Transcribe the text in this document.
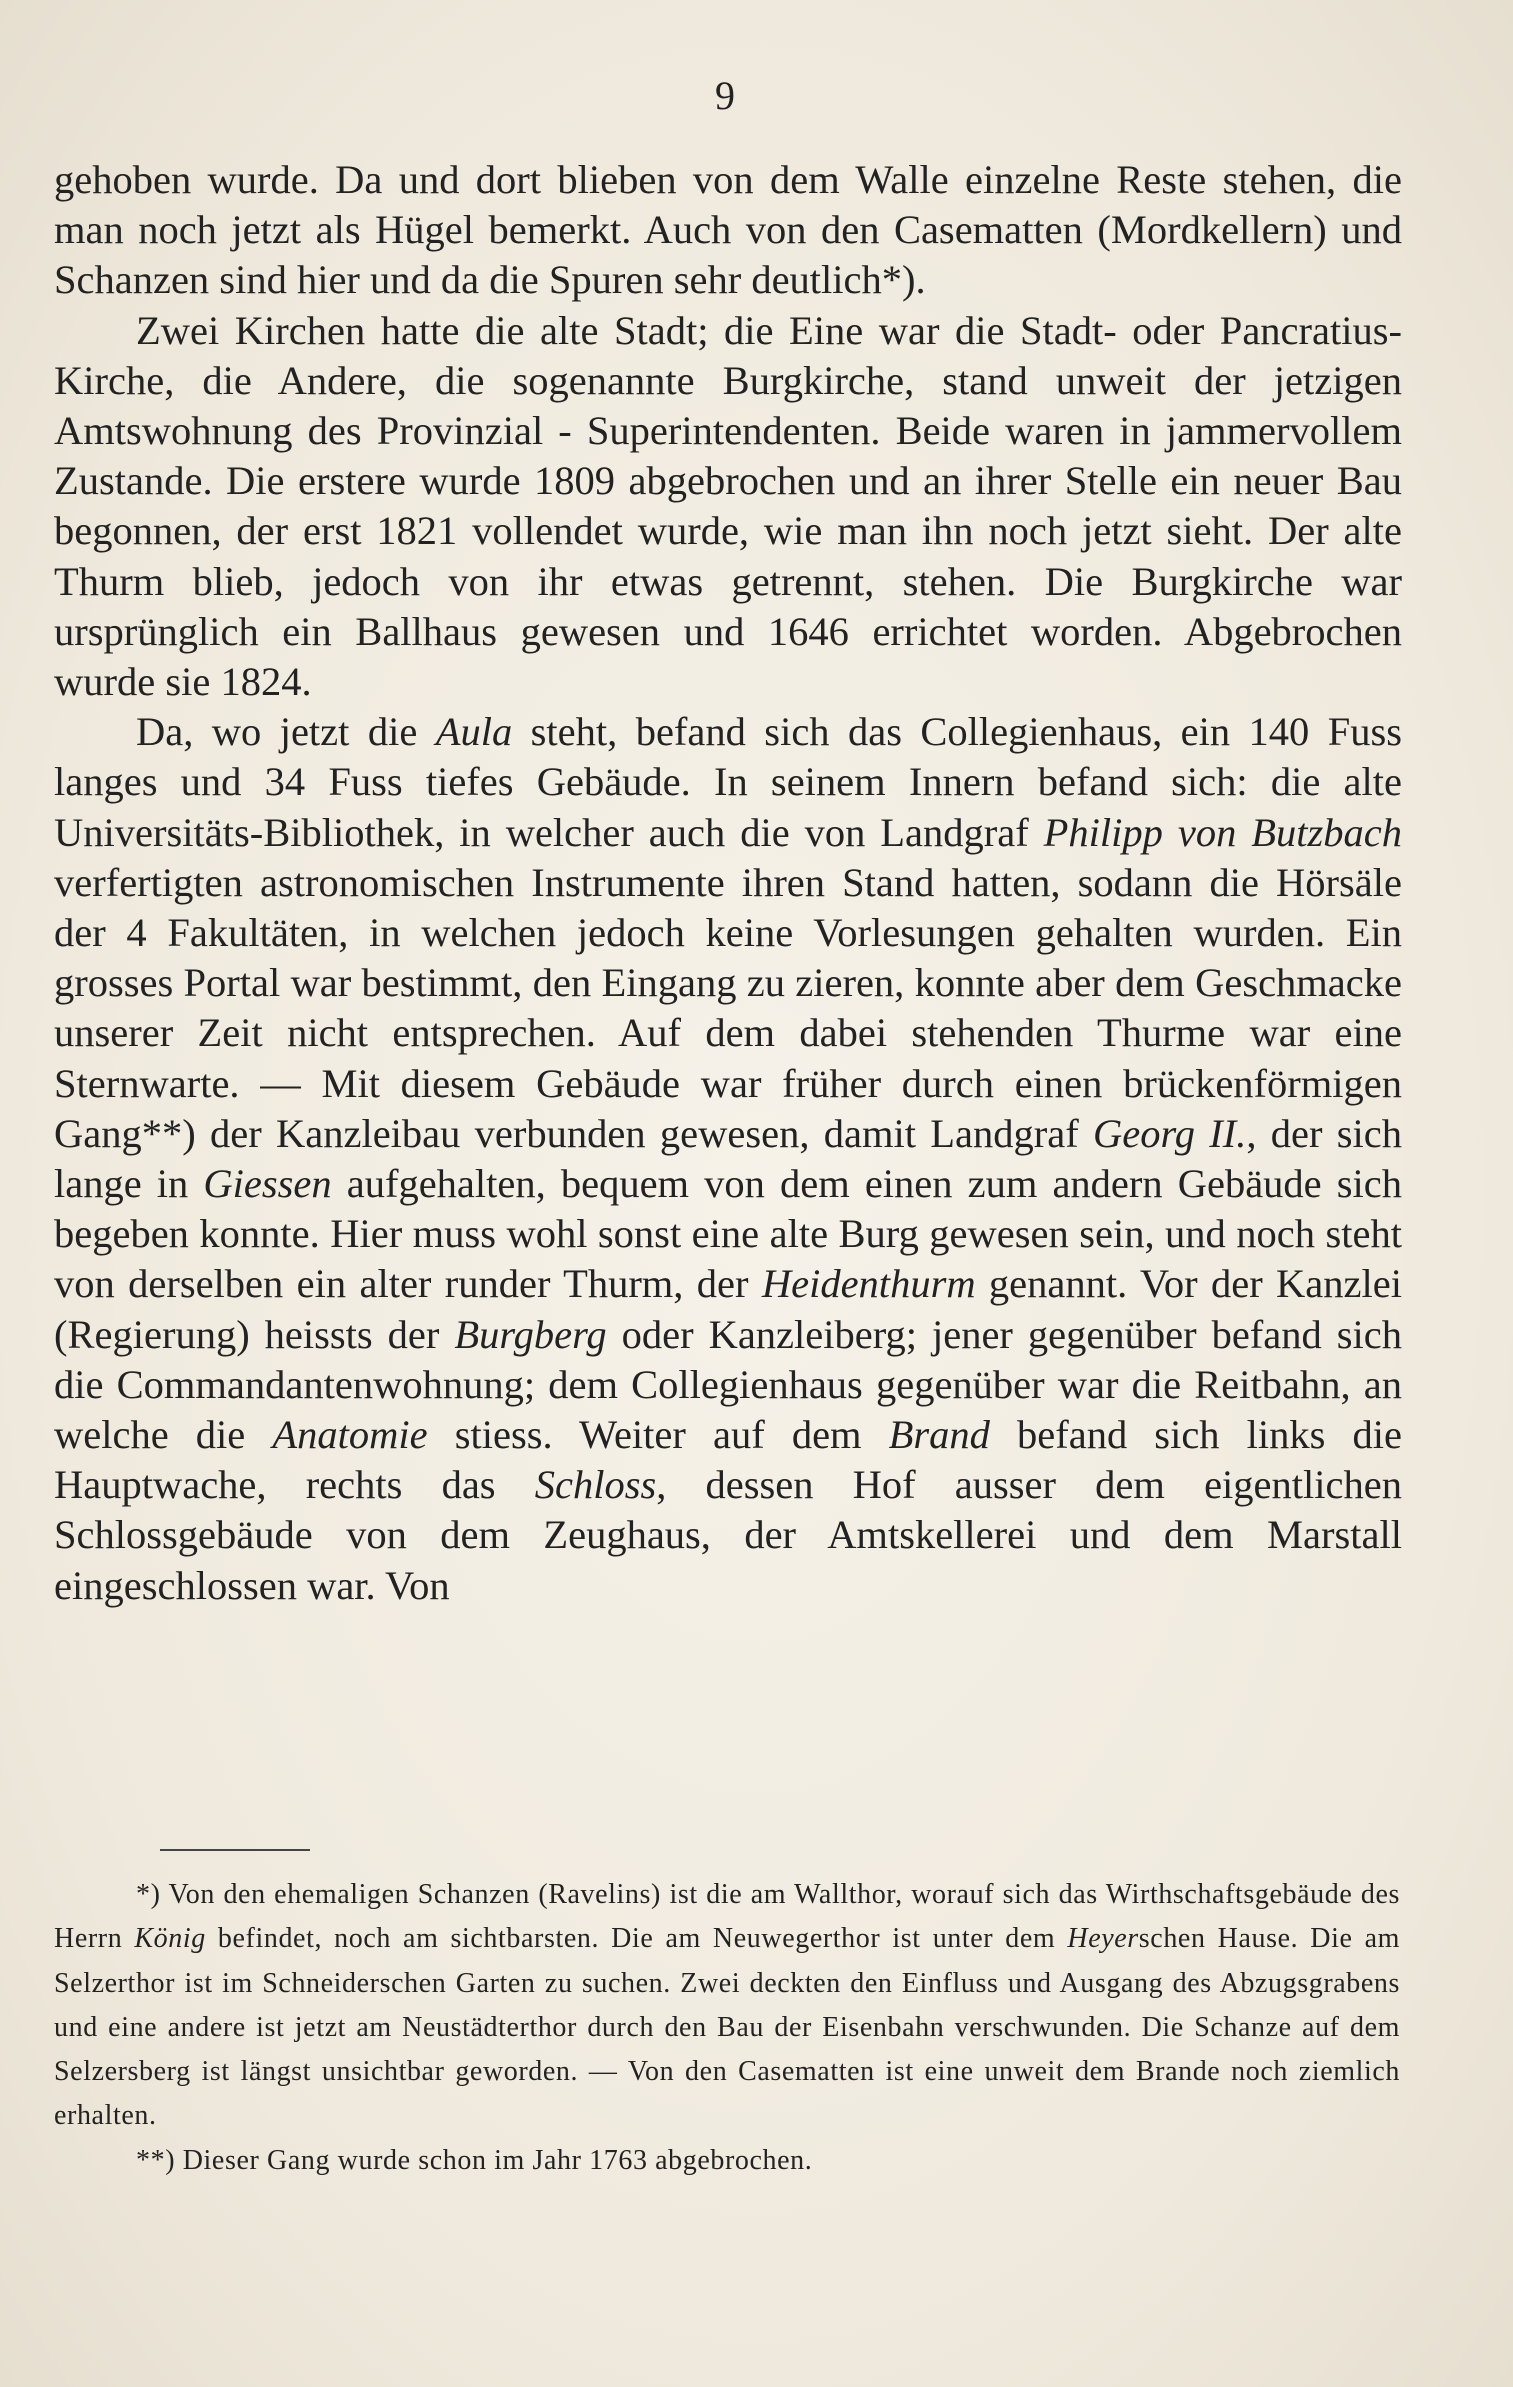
9

gehoben wurde. Da und dort blieben von dem Walle einzelne Reste stehen, die man noch jetzt als Hügel bemerkt. Auch von den Casematten (Mordkellern) und Schanzen sind hier und da die Spuren sehr deutlich*).

Zwei Kirchen hatte die alte Stadt; die Eine war die Stadt- oder Pancratius-Kirche, die Andere, die sogenannte Burgkirche, stand unweit der jetzigen Amtswohnung des Provinzial - Superintendenten. Beide waren in jammervollem Zustande. Die erstere wurde 1809 abgebrochen und an ihrer Stelle ein neuer Bau begonnen, der erst 1821 vollendet wurde, wie man ihn noch jetzt sieht. Der alte Thurm blieb, jedoch von ihr etwas getrennt, stehen. Die Burgkirche war ursprünglich ein Ballhaus gewesen und 1646 errichtet worden. Abgebrochen wurde sie 1824.

Da, wo jetzt die Aula steht, befand sich das Collegienhaus, ein 140 Fuss langes und 34 Fuss tiefes Gebäude. In seinem Innern befand sich: die alte Universitäts-Bibliothek, in welcher auch die von Landgraf Philipp von Butzbach verfertigten astronomischen Instrumente ihren Stand hatten, sodann die Hörsäle der 4 Fakultäten, in welchen jedoch keine Vorlesungen gehalten wurden. Ein grosses Portal war bestimmt, den Eingang zu zieren, konnte aber dem Geschmacke unserer Zeit nicht entsprechen. Auf dem dabei stehenden Thurme war eine Sternwarte. — Mit diesem Gebäude war früher durch einen brückenförmigen Gang**) der Kanzleibau verbunden gewesen, damit Landgraf Georg II., der sich lange in Giessen aufgehalten, bequem von dem einen zum andern Gebäude sich begeben konnte. Hier muss wohl sonst eine alte Burg gewesen sein, und noch steht von derselben ein alter runder Thurm, der Heidenthurm genannt. Vor der Kanzlei (Regierung) heissts der Burgberg oder Kanzleiberg; jener gegenüber befand sich die Commandantenwohnung; dem Collegienhaus gegenüber war die Reitbahn, an welche die Anatomie stiess. Weiter auf dem Brand befand sich links die Hauptwache, rechts das Schloss, dessen Hof ausser dem eigentlichen Schlossgebäude von dem Zeughaus, der Amtskellerei und dem Marstall eingeschlossen war. Von

*) Von den ehemaligen Schanzen (Ravelins) ist die am Wallthor, worauf sich das Wirthschaftsgebäude des Herrn König befindet, noch am sichtbarsten. Die am Neuwegerthor ist unter dem Heyerschen Hause. Die am Selzerthor ist im Schneiderschen Garten zu suchen. Zwei deckten den Einfluss und Ausgang des Abzugsgrabens und eine andere ist jetzt am Neustädterthor durch den Bau der Eisenbahn verschwunden. Die Schanze auf dem Selzersberg ist längst unsichtbar geworden. — Von den Casematten ist eine unweit dem Brande noch ziemlich erhalten.

**) Dieser Gang wurde schon im Jahr 1763 abgebrochen.
